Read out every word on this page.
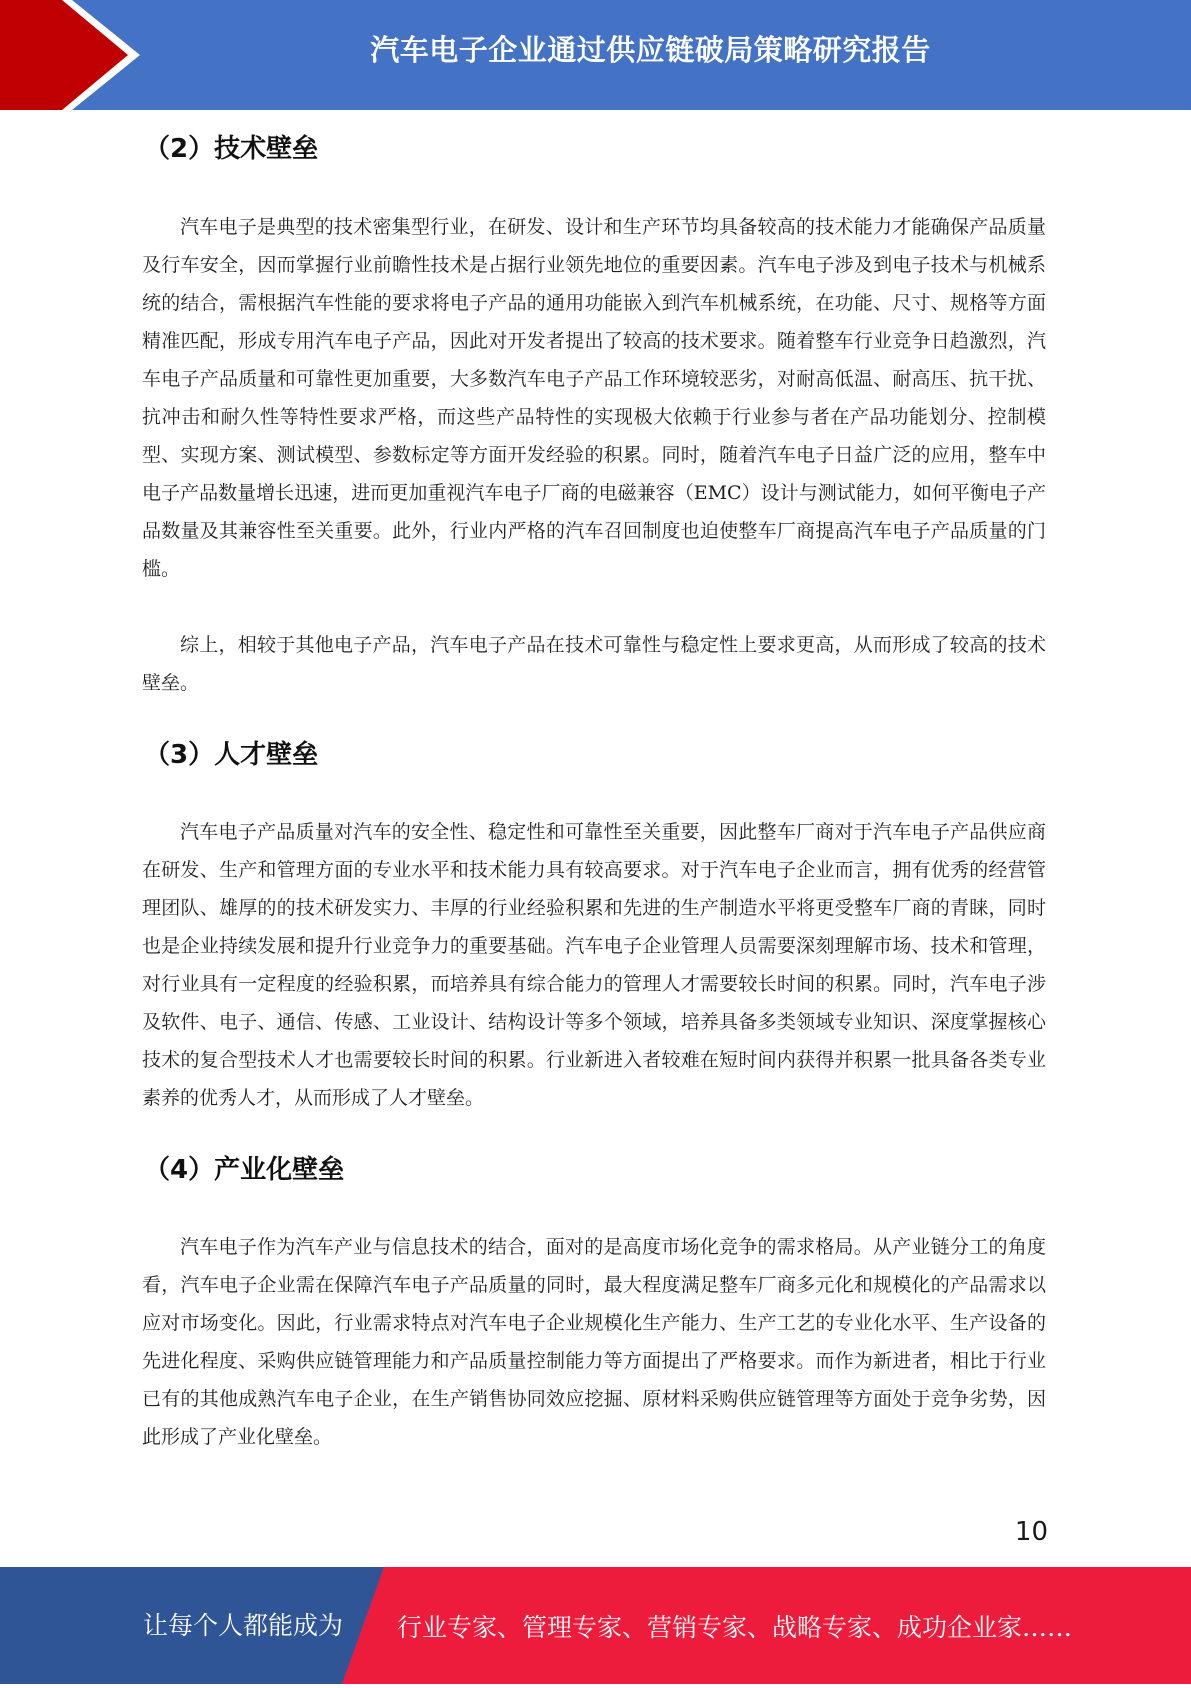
汽车电子企业通过供应链破局策略研究报告
（2）技术壁垒

汽车电子是典型的技术密集型行业，在研发、设计和生产环节均具备较高的技术能力才能确保产品质量及行车安全，因而掌握行业前瞻性技术是占据行业领先地位的重要因素。汽车电子涉及到电子技术与机械系统的结合，需根据汽车性能的要求将电子产品的通用功能嵌入到汽车机械系统，在功能、尺寸、规格等方面精准匹配，形成专用汽车电子产品，因此对开发者提出了较高的技术要求。随着整车行业竞争日趋激烈，汽车电子产品质量和可靠性更加重要，大多数汽车电子产品工作环境较恶劣，对耐高低温、耐高压、抗干扰、抗冲击和耐久性等特性要求严格，而这些产品特性的实现极大依赖于行业参与者在产品功能划分、控制模型、实现方案、测试模型、参数标定等方面开发经验的积累。同时，随着汽车电子日益广泛的应用，整车中电子产品数量增长迅速，进而更加重视汽车电子厂商的电磁兼容（EMC）设计与测试能力，如何平衡电子产品数量及其兼容性至关重要。此外，行业内严格的汽车召回制度也迫使整车厂商提高汽车电子产品质量的门槛。

综上，相较于其他电子产品，汽车电子产品在技术可靠性与稳定性上要求更高，从而形成了较高的技术壁垒。

（3）人才壁垒

汽车电子产品质量对汽车的安全性、稳定性和可靠性至关重要，因此整车厂商对于汽车电子产品供应商在研发、生产和管理方面的专业水平和技术能力具有较高要求。对于汽车电子企业而言，拥有优秀的经营管理团队、雄厚的的技术研发实力、丰厚的行业经验积累和先进的生产制造水平将更受整车厂商的青睐，同时也是企业持续发展和提升行业竞争力的重要基础。汽车电子企业管理人员需要深刻理解市场、技术和管理，对行业具有一定程度的经验积累，而培养具有综合能力的管理人才需要较长时间的积累。同时，汽车电子涉及软件、电子、通信、传感、工业设计、结构设计等多个领域，培养具备多类领域专业知识、深度掌握核心技术的复合型技术人才也需要较长时间的积累。行业新进入者较难在短时间内获得并积累一批具备各类专业素养的优秀人才，从而形成了人才壁垒。

（4）产业化壁垒

汽车电子作为汽车产业与信息技术的结合，面对的是高度市场化竞争的需求格局。从产业链分工的角度看，汽车电子企业需在保障汽车电子产品质量的同时，最大程度满足整车厂商多元化和规模化的产品需求以应对市场变化。因此，行业需求特点对汽车电子企业规模化生产能力、生产工艺的专业化水平、生产设备的先进化程度、采购供应链管理能力和产品质量控制能力等方面提出了严格要求。而作为新进者，相比于行业已有的其他成熟汽车电子企业，在生产销售协同效应挖掘、原材料采购供应链管理等方面处于竞争劣势，因此形成了产业化壁垒。

10
让每个人都能成为 行业专家、管理专家、营销专家、战略专家、成功企业家……
